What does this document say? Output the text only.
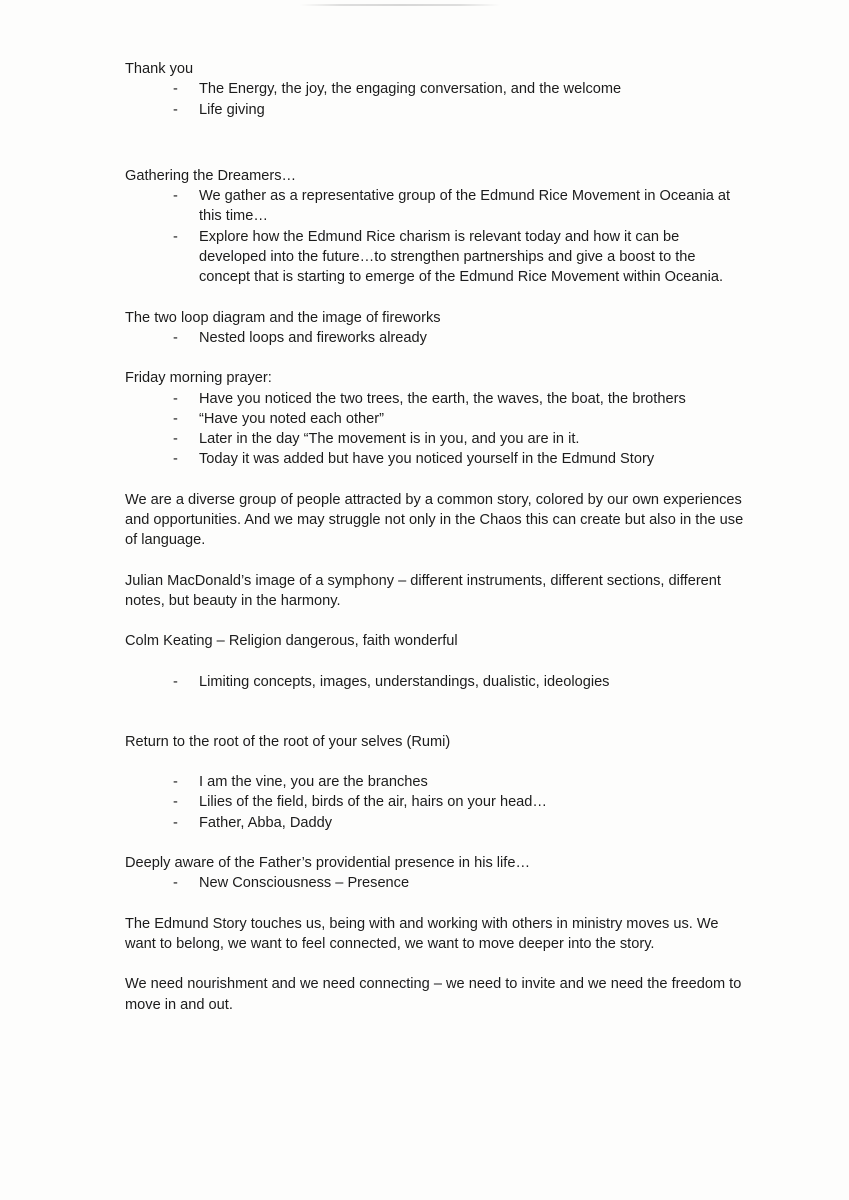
Thank you

- The Energy, the joy, the engaging conversation, and the welcome
- Life giving

Gathering the Dreamers…

- We gather as a representative group of the Edmund Rice Movement in Oceania at this time…
- Explore how the Edmund Rice charism is relevant today and how it can be developed into the future…to strengthen partnerships and give a boost to the concept that is starting to emerge of the Edmund Rice Movement within Oceania.

The two loop diagram and the image of fireworks

- Nested loops and fireworks already

Friday morning prayer:

- Have you noticed the two trees, the earth, the waves, the boat, the brothers
- “Have you noted each other”
- Later in the day “The movement is in you, and you are in it.
- Today it was added but have you noticed yourself in the Edmund Story

We are a diverse group of people attracted by a common story, colored by our own experiences and opportunities. And we may struggle not only in the Chaos this can create but also in the use of language.

Julian MacDonald’s image of a symphony – different instruments, different sections, different notes, but beauty in the harmony.

Colm Keating – Religion dangerous, faith wonderful

- Limiting concepts, images, understandings, dualistic, ideologies

Return to the root of the root of your selves (Rumi)

- I am the vine, you are the branches
- Lilies of the field, birds of the air, hairs on your head…
- Father, Abba, Daddy

Deeply aware of the Father’s providential presence in his life…

- New Consciousness – Presence

The Edmund Story touches us, being with and working with others in ministry moves us. We want to belong, we want to feel connected, we want to move deeper into the story.

We need nourishment and we need connecting – we need to invite and we need the freedom to move in and out.
